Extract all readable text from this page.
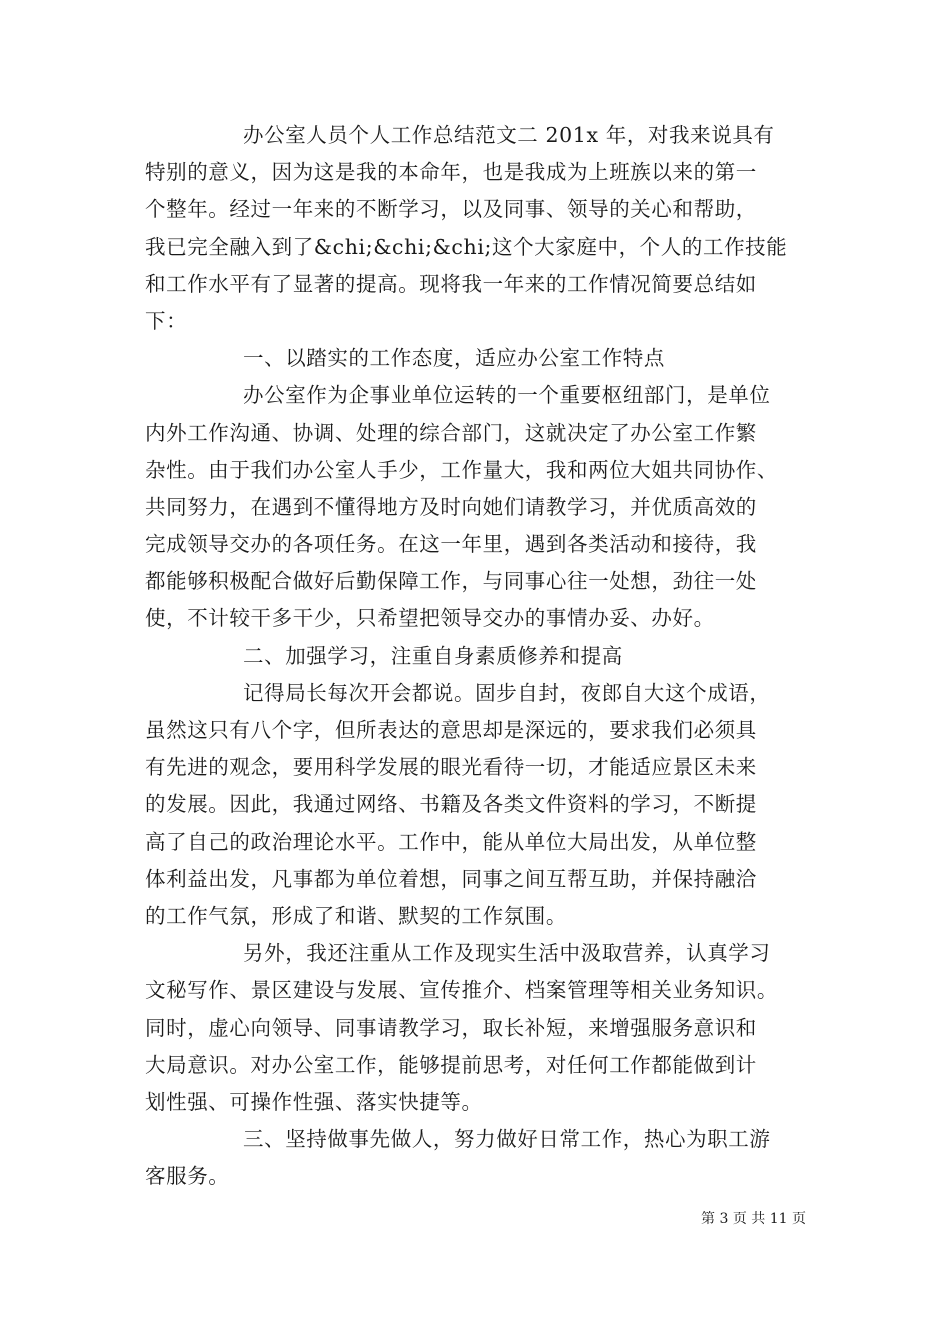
办公室人员个人工作总结范文二 201x 年，对我来说具有
特别的意义，因为这是我的本命年，也是我成为上班族以来的第一
个整年。经过一年来的不断学习，以及同事、领导的关心和帮助，
我已完全融入到了&chi;&chi;&chi;这个大家庭中，个人的工作技能
和工作水平有了显著的提高。现将我一年来的工作情况简要总结如
下：
一、以踏实的工作态度，适应办公室工作特点
办公室作为企事业单位运转的一个重要枢纽部门，是单位
内外工作沟通、协调、处理的综合部门，这就决定了办公室工作繁
杂性。由于我们办公室人手少，工作量大，我和两位大姐共同协作、
共同努力，在遇到不懂得地方及时向她们请教学习，并优质高效的
完成领导交办的各项任务。在这一年里，遇到各类活动和接待，我
都能够积极配合做好后勤保障工作，与同事心往一处想，劲往一处
使，不计较干多干少，只希望把领导交办的事情办妥、办好。
二、加强学习，注重自身素质修养和提高
记得局长每次开会都说。固步自封，夜郎自大这个成语，
虽然这只有八个字，但所表达的意思却是深远的，要求我们必须具
有先进的观念，要用科学发展的眼光看待一切，才能适应景区未来
的发展。因此，我通过网络、书籍及各类文件资料的学习，不断提
高了自己的政治理论水平。工作中，能从单位大局出发，从单位整
体利益出发，凡事都为单位着想，同事之间互帮互助，并保持融洽
的工作气氛，形成了和谐、默契的工作氛围。
另外，我还注重从工作及现实生活中汲取营养，认真学习
文秘写作、景区建设与发展、宣传推介、档案管理等相关业务知识。
同时，虚心向领导、同事请教学习，取长补短，来增强服务意识和
大局意识。对办公室工作，能够提前思考，对任何工作都能做到计
划性强、可操作性强、落实快捷等。
三、坚持做事先做人，努力做好日常工作，热心为职工游
客服务。
第 3 页 共 11 页
